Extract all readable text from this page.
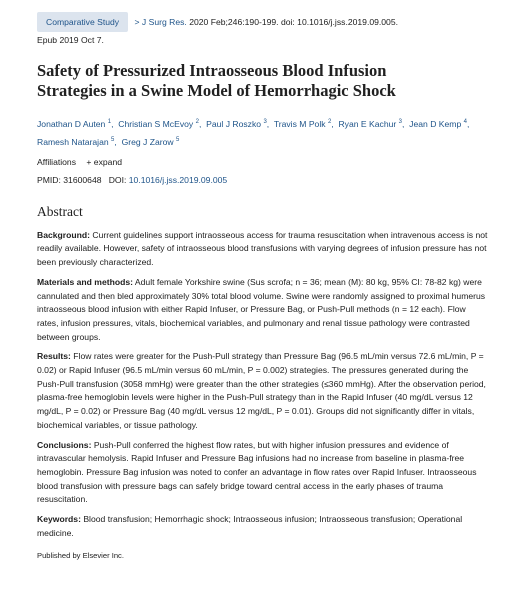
Comparative Study > J Surg Res. 2020 Feb;246:190-199. doi: 10.1016/j.jss.2019.09.005.
Epub 2019 Oct 7.
Safety of Pressurized Intraosseous Blood Infusion
Strategies in a Swine Model of Hemorrhagic Shock
Jonathan D Auten $^1$,  Christian S McEvoy $^2$,  Paul J Roszko $^3$,  Travis M Polk $^2$,  Ryan E Kachur $^3$,  Jean D Kemp $^4$,  Ramesh Natarajan $^5$,  Greg J Zarow $^5$
Affiliations + expand
PMID: 31600648 DOI: 10.1016/j.jss.2019.09.005
Abstract

Background: Current guidelines support intraosseous access for trauma resuscitation when intravenous access is not readily available. However, safety of intraosseous blood transfusions with varying degrees of infusion pressure has not been previously characterized.

Materials and methods: Adult female Yorkshire swine (Sus scrofa; n = 36; mean (M): 80 kg, 95% CI: 78-82 kg) were cannulated and then bled approximately 30% total blood volume. Swine were randomly assigned to proximal humerus intraosseous blood infusion with either Rapid Infuser, or Pressure Bag, or Push-Pull methods (n = 12 each). Flow rates, infusion pressures, vitals, biochemical variables, and pulmonary and renal tissue pathology were contrasted between groups.

Results: Flow rates were greater for the Push-Pull strategy than Pressure Bag (96.5 mL/min versus 72.6 mL/min, P = 0.02) or Rapid Infuser (96.5 mL/min versus 60 mL/min, P = 0.002) strategies. The pressures generated during the Push-Pull transfusion (3058 mmHg) were greater than the other strategies (≤360 mmHg). After the observation period, plasma-free hemoglobin levels were higher in the Push-Pull strategy than in the Rapid Infuser (40 mg/dL versus 12 mg/dL, P = 0.02) or Pressure Bag (40 mg/dL versus 12 mg/dL, P = 0.01). Groups did not significantly differ in vitals, biochemical variables, or tissue pathology.

Conclusions: Push-Pull conferred the highest flow rates, but with higher infusion pressures and evidence of intravascular hemolysis. Rapid Infuser and Pressure Bag infusions had no increase from baseline in plasma-free hemoglobin. Pressure Bag infusion was noted to confer an advantage in flow rates over Rapid Infuser. Intraosseous blood transfusion with pressure bags can safely bridge toward central access in the early phases of trauma resuscitation.

Keywords: Blood transfusion; Hemorrhagic shock; Intraosseous infusion; Intraosseous transfusion; Operational medicine.

Published by Elsevier Inc.
